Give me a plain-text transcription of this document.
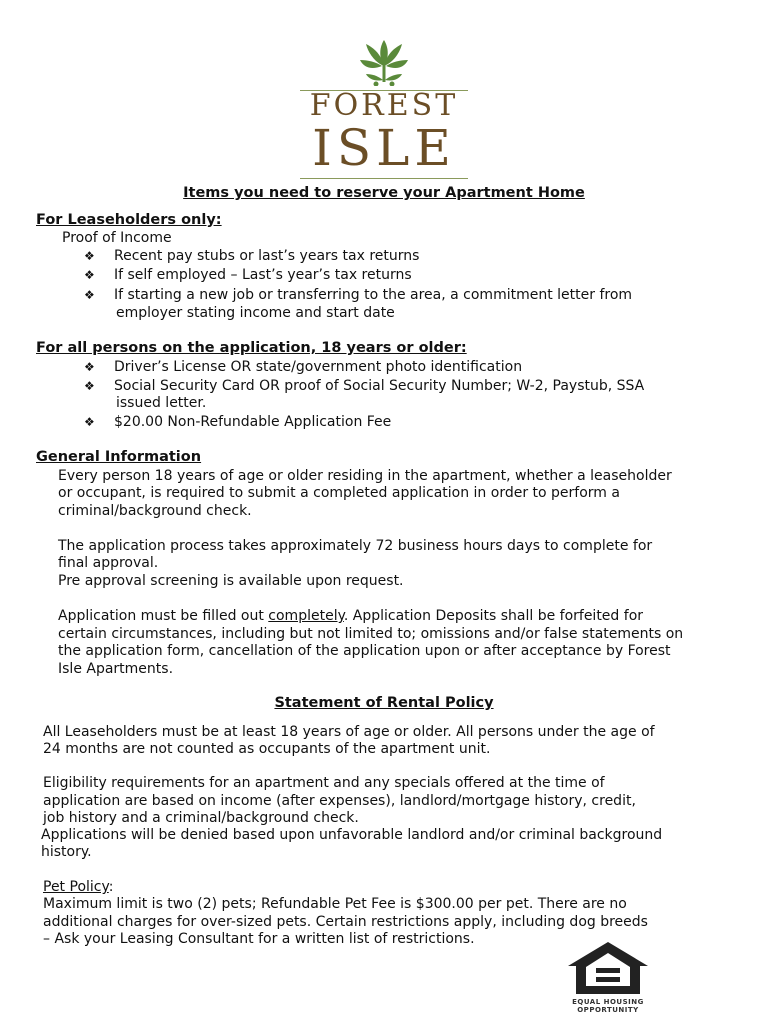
FOREST
ISLE
Items you need to reserve your Apartment Home
For Leaseholders only:
Proof of Income
❖ Recent pay stubs or last’s years tax returns
❖ If self employed – Last’s year’s tax returns
❖ If starting a new job or transferring to the area, a commitment letter from
employer stating income and start date
For all persons on the application, 18 years or older:
❖ Driver’s License OR state/government photo identification
❖ Social Security Card OR proof of Social Security Number; W-2, Paystub, SSA
issued letter.
❖ $20.00 Non-Refundable Application Fee
General Information
Every person 18 years of age or older residing in the apartment, whether a leaseholder
or occupant, is required to submit a completed application in order to perform a
criminal/background check.
The application process takes approximately 72 business hours days to complete for
final approval.
Pre approval screening is available upon request.
Application must be filled out completely. Application Deposits shall be forfeited for
certain circumstances, including but not limited to; omissions and/or false statements on
the application form, cancellation of the application upon or after acceptance by Forest
Isle Apartments.
Statement of Rental Policy
All Leaseholders must be at least 18 years of age or older. All persons under the age of
24 months are not counted as occupants of the apartment unit.
Eligibility requirements for an apartment and any specials offered at the time of
application are based on income (after expenses), landlord/mortgage history, credit,
job history and a criminal/background check.
Applications will be denied based upon unfavorable landlord and/or criminal background
history.
Pet Policy:
Maximum limit is two (2) pets; Refundable Pet Fee is $300.00 per pet. There are no
additional charges for over-sized pets. Certain restrictions apply, including dog breeds
– Ask your Leasing Consultant for a written list of restrictions.
EQUAL HOUSING
OPPORTUNITY
